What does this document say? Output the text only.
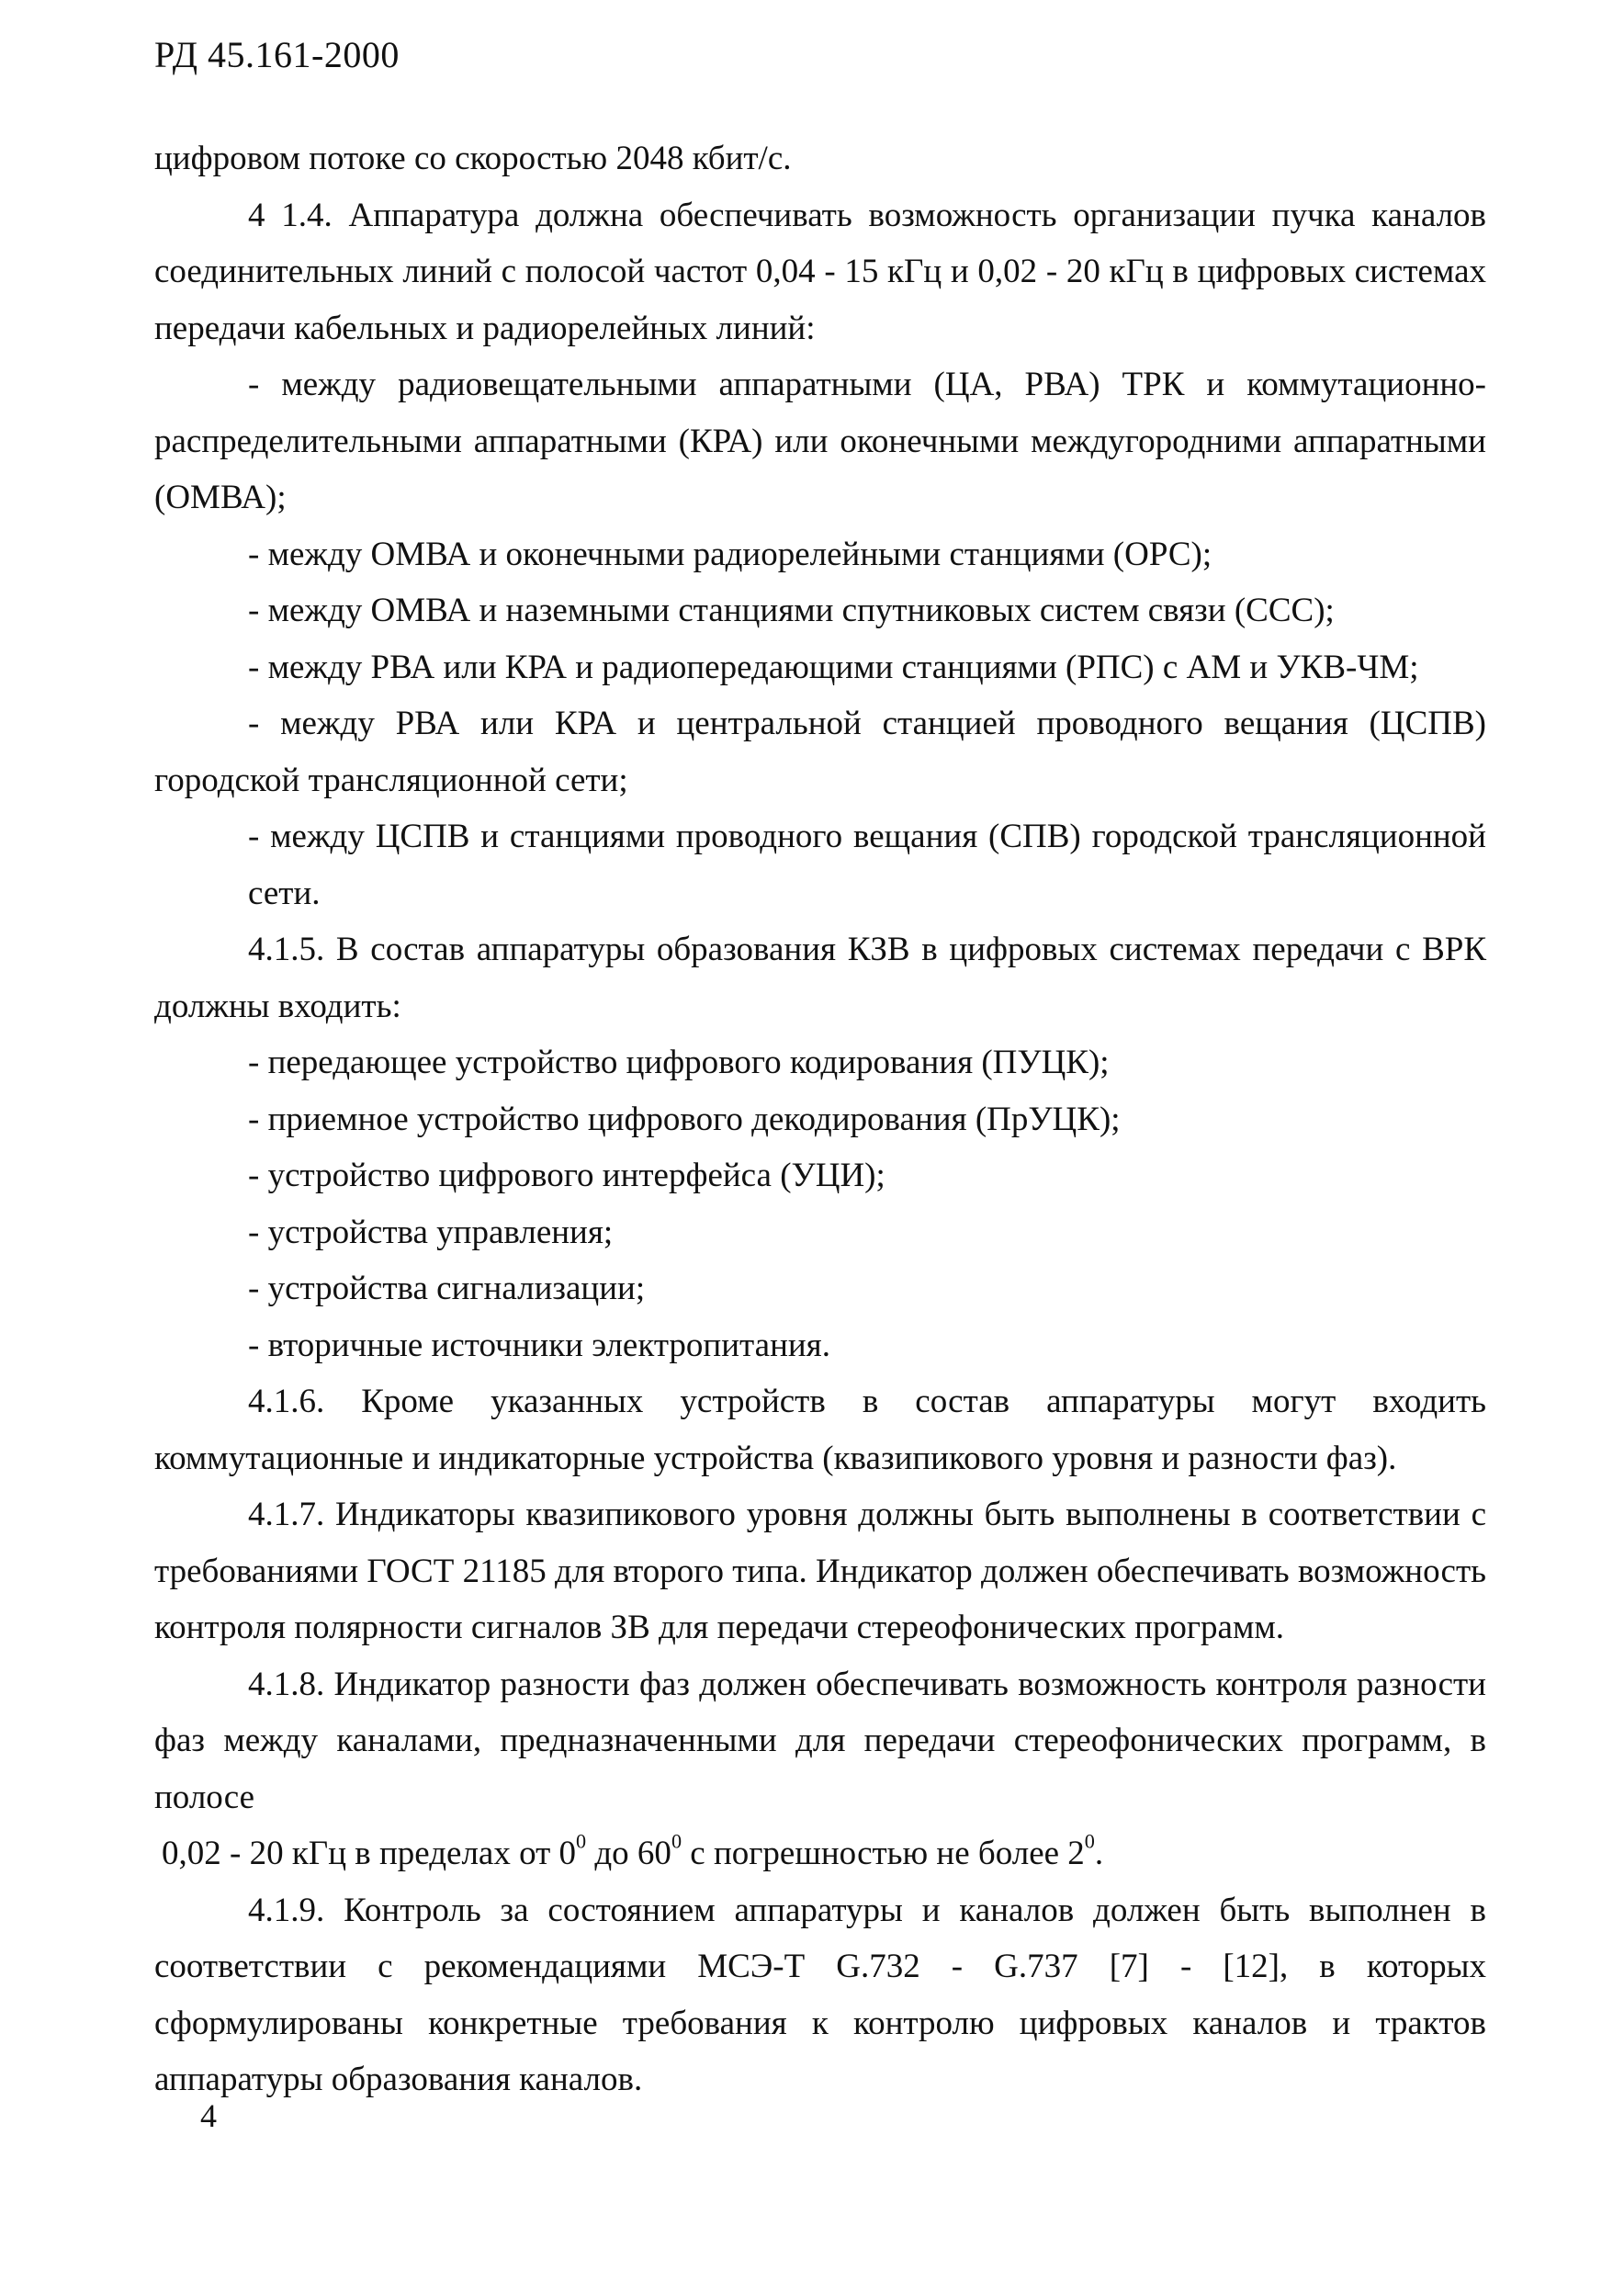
РД 45.161-2000

цифровом потоке со скоростью 2048 кбит/с.

4 1.4. Аппаратура должна обеспечивать возможность организации пучка каналов соединительных линий с полосой частот 0,04 - 15 кГц и 0,02 - 20 кГц в цифровых системах передачи кабельных и радиорелейных линий:

- между радиовещательными аппаратными (ЦА, РВА) ТРК и коммутационно-распределительными аппаратными (КРА) или оконечными междугородними аппаратными (ОМВА);

- между ОМВА и оконечными радиорелейными станциями (ОРС);

- между ОМВА и наземными станциями спутниковых систем связи (ССС);

- между РВА или КРА и радиопередающими станциями (РПС) с АМ и УКВ-ЧМ;

- между РВА или КРА и центральной станцией проводного вещания (ЦСПВ) городской трансляционной сети;

- между ЦСПВ и станциями проводного вещания (СПВ) городской трансляционной сети.

4.1.5. В состав аппаратуры образования КЗВ в цифровых системах передачи с ВРК должны входить:

- передающее устройство цифрового кодирования (ПУЦК);

- приемное устройство цифрового декодирования (ПрУЦК);

- устройство цифрового интерфейса (УЦИ);

- устройства управления;

- устройства сигнализации;

- вторичные источники электропитания.

4.1.6. Кроме указанных устройств в состав аппаратуры могут входить коммутационные и индикаторные устройства (квазипикового уровня и разности фаз).

4.1.7. Индикаторы квазипикового уровня должны быть выполнены в соответствии с требованиями ГОСТ 21185 для второго типа. Индикатор должен обеспечивать возможность контроля полярности сигналов ЗВ для передачи стереофонических программ.

4.1.8. Индикатор разности фаз должен обеспечивать возможность контроля разности фаз между каналами, предназначенными для передачи стереофонических программ, в полосе
0,02 - 20 кГц в пределах от $0^0$ до $60^0$ с погрешностью не более $2^0$.

4.1.9. Контроль за состоянием аппаратуры и каналов должен быть выполнен в соответствии с рекомендациями МСЭ-Т G.732 - G.737 [7] - [12], в которых сформулированы конкретные требования к контролю цифровых каналов и трактов аппаратуры образования каналов.

4
